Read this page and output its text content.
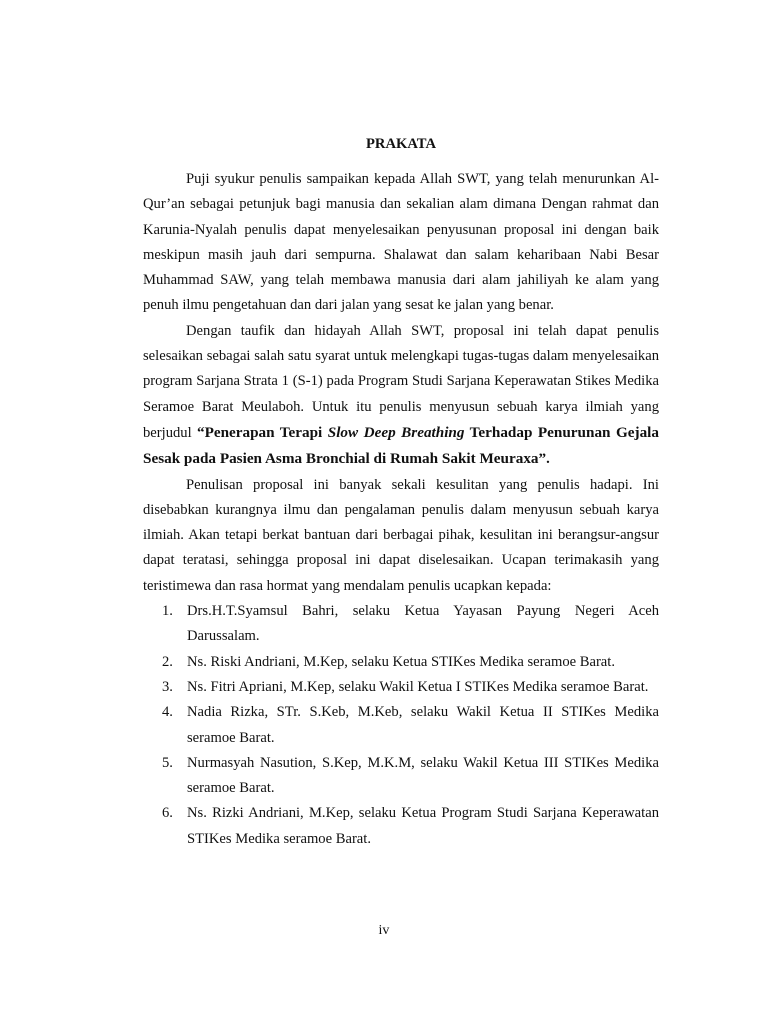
PRAKATA

Puji syukur penulis sampaikan kepada Allah SWT, yang telah menurunkan Al-Qur’an sebagai petunjuk bagi manusia dan sekalian alam dimana Dengan rahmat dan Karunia-Nyalah penulis dapat menyelesaikan penyusunan proposal ini dengan baik meskipun masih jauh dari sempurna. Shalawat dan salam keharibaan Nabi Besar Muhammad SAW, yang telah membawa manusia dari alam jahiliyah ke alam yang penuh ilmu pengetahuan dan dari jalan yang sesat ke jalan yang benar.

Dengan taufik dan hidayah Allah SWT, proposal ini telah dapat penulis selesaikan sebagai salah satu syarat untuk melengkapi tugas-tugas dalam menyelesaikan program Sarjana Strata 1 (S-1) pada Program Studi Sarjana Keperawatan Stikes Medika Seramoe Barat Meulaboh. Untuk itu penulis menyusun sebuah karya ilmiah yang berjudul “Penerapan Terapi Slow Deep Breathing Terhadap Penurunan Gejala Sesak pada Pasien Asma Bronchial di Rumah Sakit Meuraxa”.

Penulisan proposal ini banyak sekali kesulitan yang penulis hadapi. Ini disebabkan kurangnya ilmu dan pengalaman penulis dalam menyusun sebuah karya ilmiah. Akan tetapi berkat bantuan dari berbagai pihak, kesulitan ini berangsur-angsur dapat teratasi, sehingga proposal ini dapat diselesaikan. Ucapan terimakasih yang teristimewa dan rasa hormat yang mendalam penulis ucapkan kepada:

1. Drs.H.T.Syamsul Bahri, selaku Ketua Yayasan Payung Negeri Aceh Darussalam.
2. Ns. Riski Andriani, M.Kep, selaku Ketua STIKes Medika seramoe Barat.
3. Ns. Fitri Apriani, M.Kep, selaku Wakil Ketua I STIKes Medika seramoe Barat.
4. Nadia Rizka, STr. S.Keb, M.Keb, selaku Wakil Ketua II STIKes Medika seramoe Barat.
5. Nurmasyah Nasution, S.Kep, M.K.M, selaku Wakil Ketua III STIKes Medika seramoe Barat.
6. Ns. Rizki Andriani, M.Kep, selaku Ketua Program Studi Sarjana Keperawatan STIKes Medika seramoe Barat.
iv
